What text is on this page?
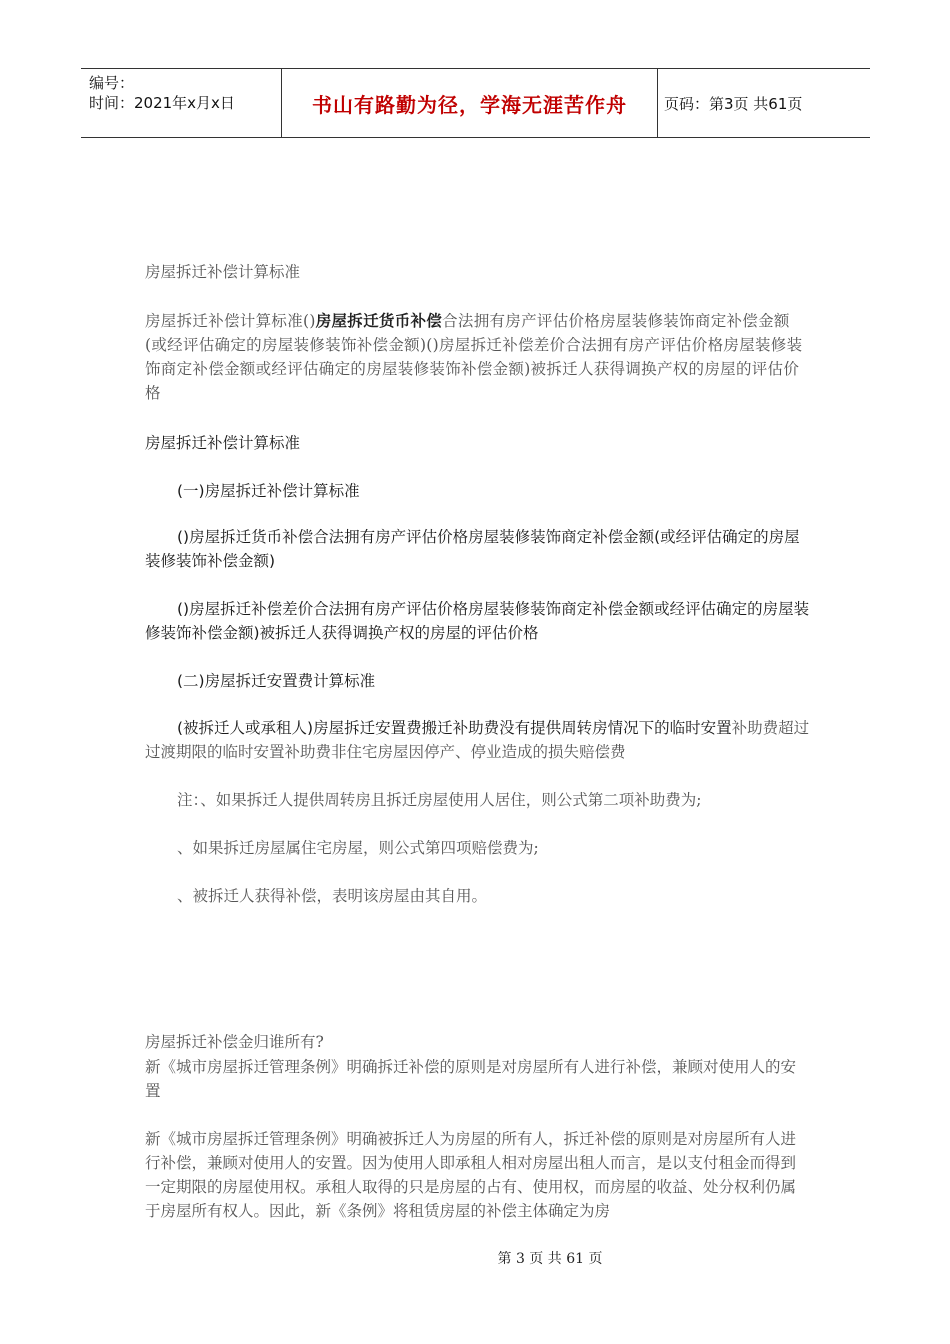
编号：
时间：2021年x月x日	书山有路勤为径，学海无涯苦作舟	页码：第3页 共61页

房屋拆迁补偿计算标准

房屋拆迁补偿计算标准()房屋拆迁货币补偿合法拥有房产评估价格房屋装修装饰商定补偿金额(或经评估确定的房屋装修装饰补偿金额)()房屋拆迁补偿差价合法拥有房产评估价格房屋装修装饰商定补偿金额或经评估确定的房屋装修装饰补偿金额)被拆迁人获得调换产权的房屋的评估价格

房屋拆迁补偿计算标准

(一)房屋拆迁补偿计算标准

()房屋拆迁货币补偿合法拥有房产评估价格房屋装修装饰商定补偿金额(或经评估确定的房屋装修装饰补偿金额)

()房屋拆迁补偿差价合法拥有房产评估价格房屋装修装饰商定补偿金额或经评估确定的房屋装修装饰补偿金额)被拆迁人获得调换产权的房屋的评估价格

(二)房屋拆迁安置费计算标准

(被拆迁人或承租人)房屋拆迁安置费搬迁补助费没有提供周转房情况下的临时安置补助费超过过渡期限的临时安置补助费非住宅房屋因停产、停业造成的损失赔偿费

注：、如果拆迁人提供周转房且拆迁房屋使用人居住，则公式第二项补助费为;

、如果拆迁房屋属住宅房屋，则公式第四项赔偿费为;

、被拆迁人获得补偿，表明该房屋由其自用。

房屋拆迁补偿金归谁所有?

新《城市房屋拆迁管理条例》明确拆迁补偿的原则是对房屋所有人进行补偿，兼顾对使用人的安置

新《城市房屋拆迁管理条例》明确被拆迁人为房屋的所有人，拆迁补偿的原则是对房屋所有人进行补偿，兼顾对使用人的安置。因为使用人即承租人相对房屋出租人而言，是以支付租金而得到一定期限的房屋使用权。承租人取得的只是房屋的占有、使用权，而房屋的收益、处分权利仍属于房屋所有权人。因此，新《条例》将租赁房屋的补偿主体确定为房

第 3 页 共 61 页
